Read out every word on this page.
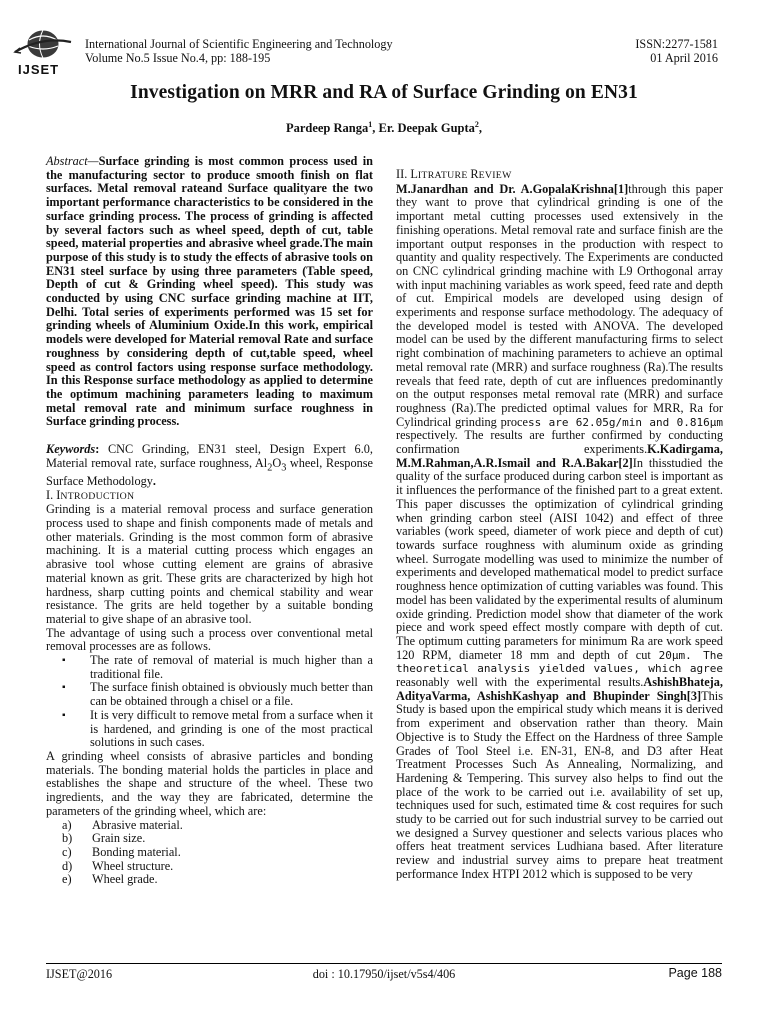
IJSET
International Journal of Scientific Engineering and Technology
Volume No.5 Issue No.4, pp: 188-195
ISSN:2277-1581
01 April 2016
Investigation on MRR and RA of Surface Grinding on EN31
Pardeep Ranga$^1$, Er. Deepak Gupta$^2$,

Abstract—Surface grinding is most common process used in the manufacturing sector to produce smooth finish on flat surfaces. Metal removal rateand Surface qualityare the two important performance characteristics to be considered in the surface grinding process. The process of grinding is affected by several factors such as wheel speed, depth of cut, table speed, material properties and abrasive wheel grade.The main purpose of this study is to study the effects of abrasive tools on EN31 steel surface by using three parameters (Table speed, Depth of cut & Grinding wheel speed). This study was conducted by using CNC surface grinding machine at IIT, Delhi. Total series of experiments performed was 15 set for grinding wheels of Aluminium Oxide.In this work, empirical models were developed for Material removal Rate and surface roughness by considering depth of cut,table speed, wheel speed as control factors using response surface methodology. In this Response surface methodology as applied to determine the optimum machining parameters leading to maximum metal removal rate and minimum surface roughness in Surface grinding process.

Keywords: CNC Grinding, EN31 steel, Design Expert 6.0, Material removal rate, surface roughness, $Al_2O_3$ wheel, Response Surface Methodology.

I. INTRODUCTION

Grinding is a material removal process and surface generation process used to shape and finish components made of metals and other materials. Grinding is the most common form of abrasive machining. It is a material cutting process which engages an abrasive tool whose cutting element are grains of abrasive material known as grit. These grits are characterized by high hot hardness, sharp cutting points and chemical stability and wear resistance. The grits are held together by a suitable bonding material to give shape of an abrasive tool.

The advantage of using such a process over conventional metal removal processes are as follows.

▪ The rate of removal of material is much higher than a traditional file.
▪ The surface finish obtained is obviously much better than can be obtained through a chisel or a file.
▪ It is very difficult to remove metal from a surface when it is hardened, and grinding is one of the most practical solutions in such cases.

A grinding wheel consists of abrasive particles and bonding materials. The bonding material holds the particles in place and establishes the shape and structure of the wheel. These two ingredients, and the way they are fabricated, determine the parameters of the grinding wheel, which are:

a) Abrasive material.
b) Grain size.
c) Bonding material.
d) Wheel structure.
e) Wheel grade.

II. LITRATURE REVIEW

M.Janardhan and Dr. A.GopalaKrishna[1]through this paper they want to prove that cylindrical grinding is one of the important metal cutting processes used extensively in the finishing operations. Metal removal rate and surface finish are the important output responses in the production with respect to quantity and quality respectively. The Experiments are conducted on CNC cylindrical grinding machine with L9 Orthogonal array with input machining variables as work speed, feed rate and depth of cut. Empirical models are developed using design of experiments and response surface methodology. The adequacy of the developed model is tested with ANOVA. The developed model can be used by the different manufacturing firms to select right combination of machining parameters to achieve an optimal metal removal rate (MRR) and surface roughness (Ra).The results reveals that feed rate, depth of cut are influences predominantly on the output responses metal removal rate (MRR) and surface roughness (Ra).The predicted optimal values for MRR, Ra for Cylindrical grinding process are 62.05g/min and 0.816μm respectively. The results are further confirmed by conducting confirmation experiments.K.Kadirgama, M.M.Rahman,A.R.Ismail and R.A.Bakar[2]In thisstudied the quality of the surface produced during carbon steel is important as it influences the performance of the finished part to a great extent. This paper discusses the optimization of cylindrical grinding when grinding carbon steel (AISI 1042) and effect of three variables (work speed, diameter of work piece and depth of cut) towards surface roughness with aluminum oxide as grinding wheel. Surrogate modelling was used to minimize the number of experiments and developed mathematical model to predict surface roughness hence optimization of cutting variables was found. This model has been validated by the experimental results of aluminum oxide grinding. Prediction model show that diameter of the work piece and work speed effect mostly compare with depth of cut. The optimum cutting parameters for minimum Ra are work speed 120 RPM, diameter 18 mm and depth of cut 20μm. The theoretical analysis yielded values, which agree reasonably well with the experimental results.AshishBhateja, AdityaVarma, AshishKashyap and Bhupinder Singh[3]This Study is based upon the empirical study which means it is derived from experiment and observation rather than theory. Main Objective is to Study the Effect on the Hardness of three Sample Grades of Tool Steel i.e. EN-31, EN-8, and D3 after Heat Treatment Processes Such As Annealing, Normalizing, and Hardening & Tempering. This survey also helps to find out the place of the work to be carried out i.e. availability of set up, techniques used for such, estimated time & cost requires for such study to be carried out for such industrial survey to be carried out we designed a Survey questioner and selects various places who offers heat treatment services Ludhiana based. After literature review and industrial survey aims to prepare heat treatment performance Index HTPI 2012 which is supposed to be very

IJSET@2016	doi : 10.17950/ijset/v5s4/406	Page 188
